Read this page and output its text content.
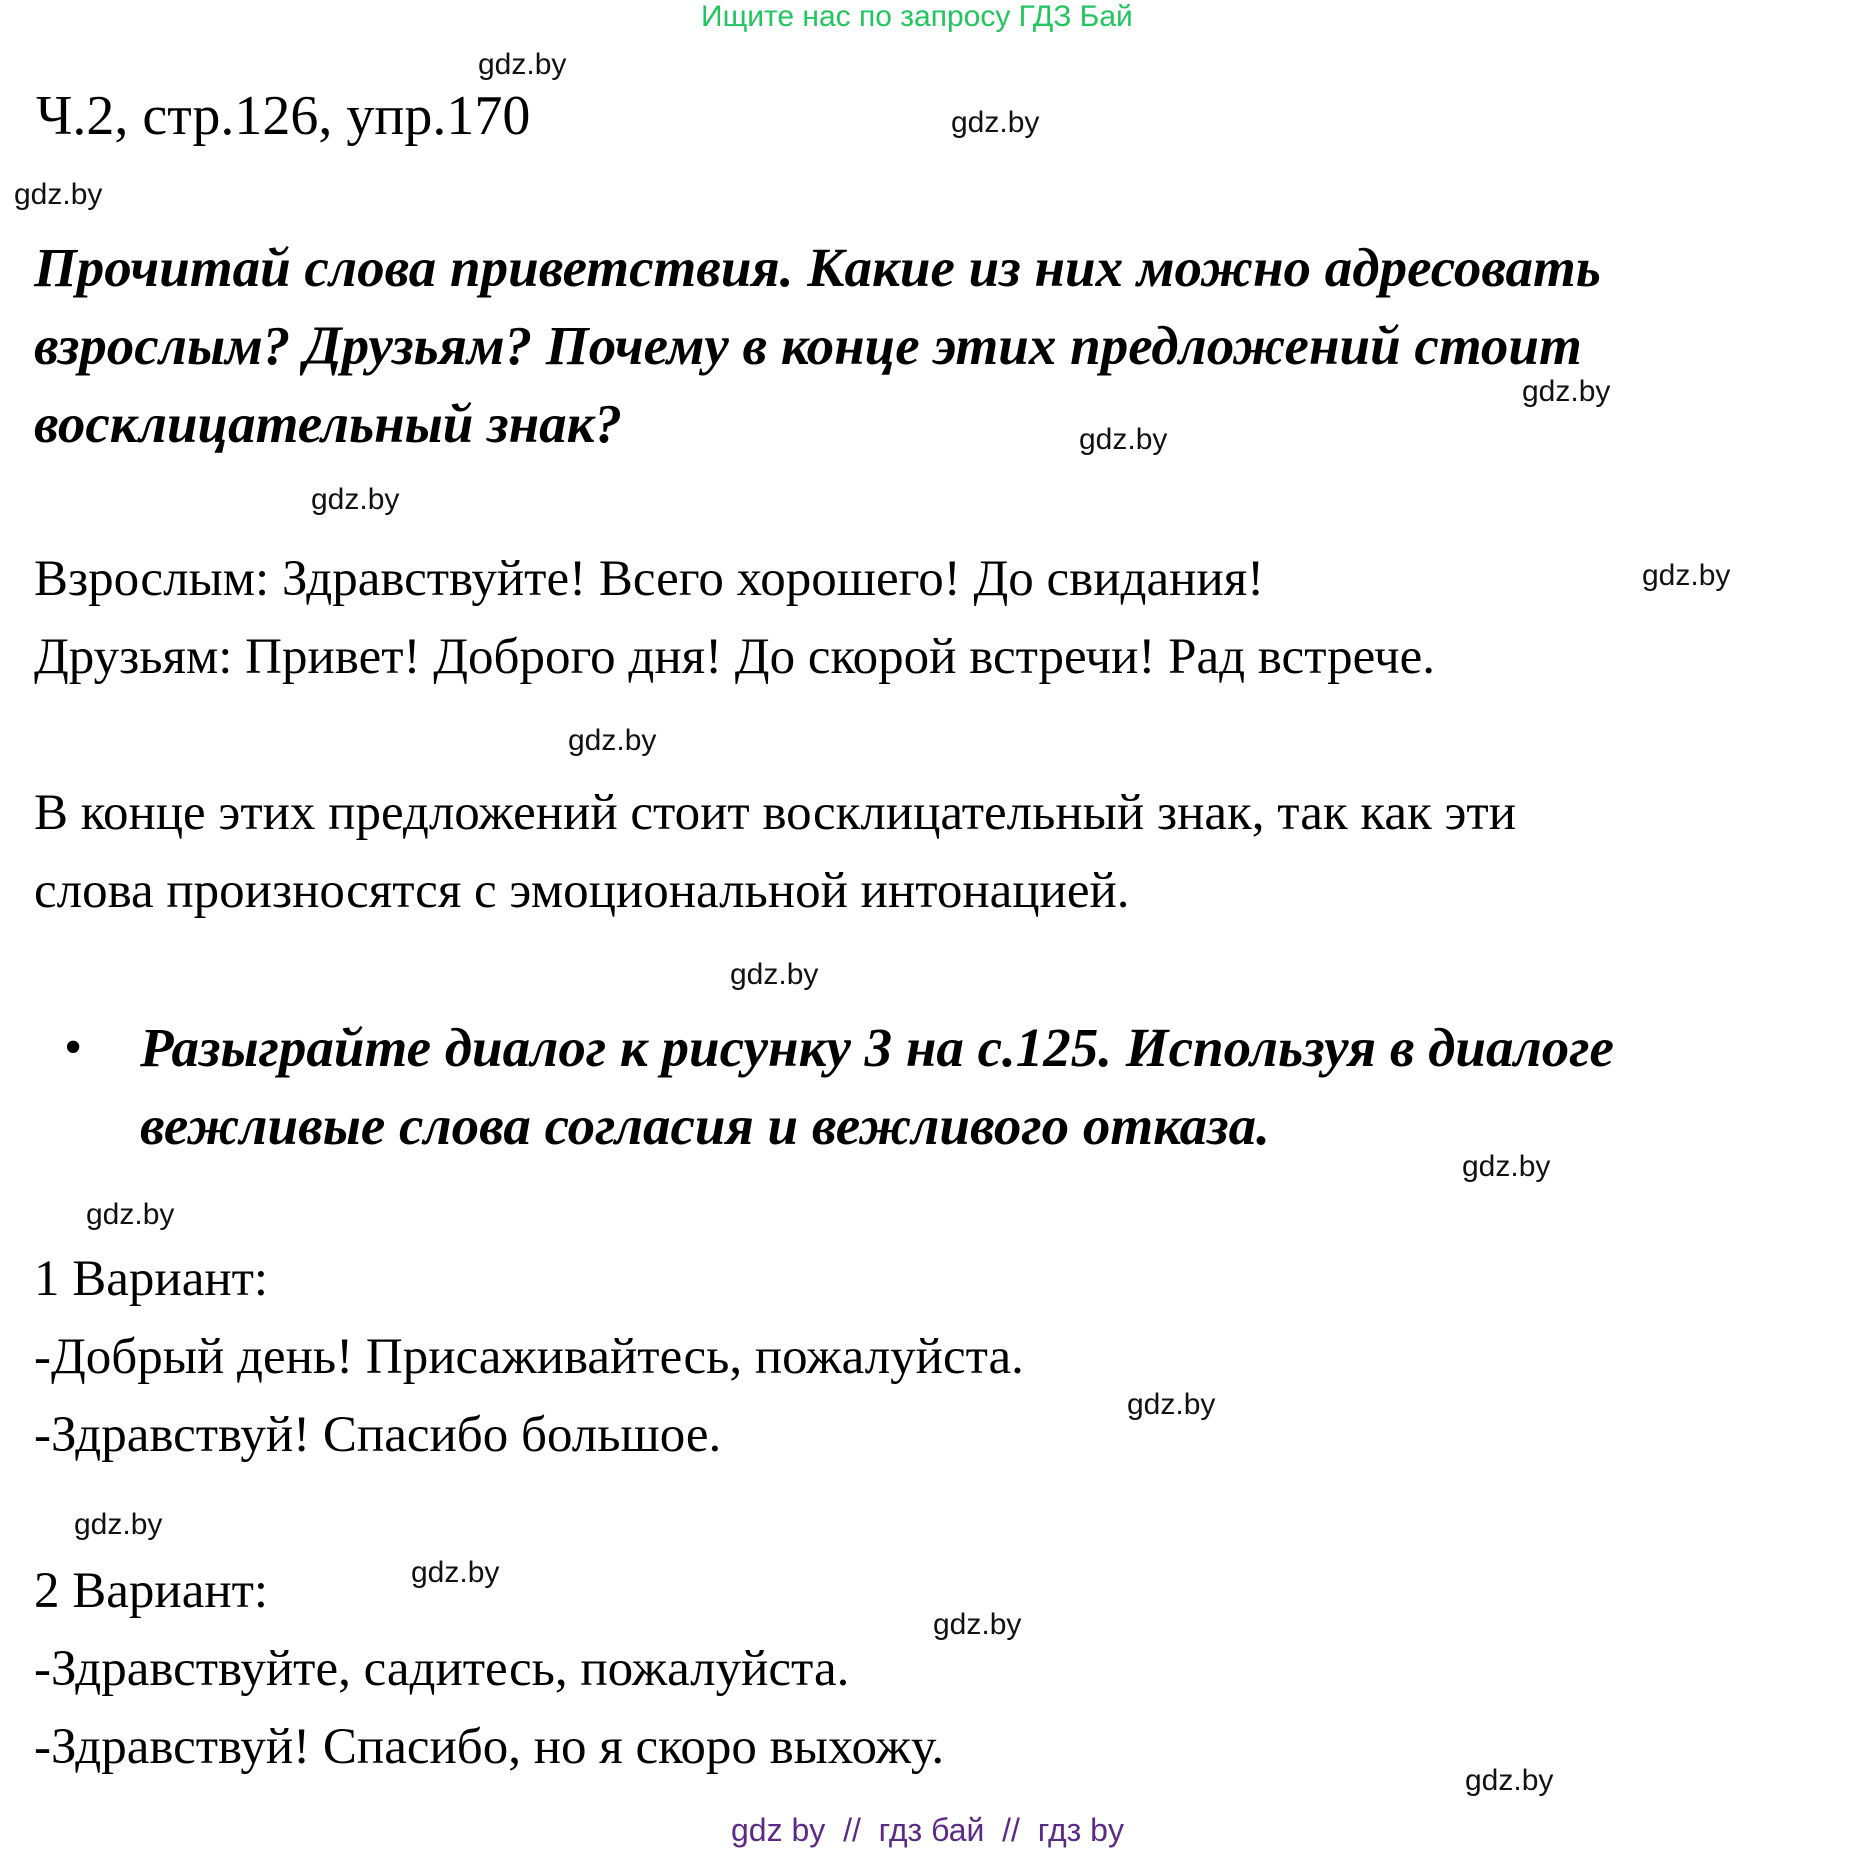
Ищите нас по запросу ГДЗ Бай
Ч.2, стр.126, упр.170
Прочитай слова приветствия. Какие из них можно адресовать
взрослым? Друзьям? Почему в конце этих предложений стоит
восклицательный знак?
Взрослым: Здравствуйте! Всего хорошего! До свидания!
Друзьям: Привет! Доброго дня! До скорой встречи! Рад встрече.
В конце этих предложений стоит восклицательный знак, так как эти
слова произносятся с эмоциональной интонацией.
• Разыграйте диалог к рисунку 3 на с.125. Используя в диалоге
вежливые слова согласия и вежливого отказа.
1 Вариант:
-Добрый день! Присаживайтесь, пожалуйста.
-Здравствуй! Спасибо большое.
2 Вариант:
-Здравствуйте, садитесь, пожалуйста.
-Здравствуй! Спасибо, но я скоро выхожу.
gdz.by
gdz.by
gdz.by
gdz.by
gdz.by
gdz.by
gdz.by
gdz.by
gdz.by
gdz.by
gdz.by
gdz.by
gdz.by
gdz.by
gdz.by
gdz.by
gdz by  //  гдз бай  //  гдз by
